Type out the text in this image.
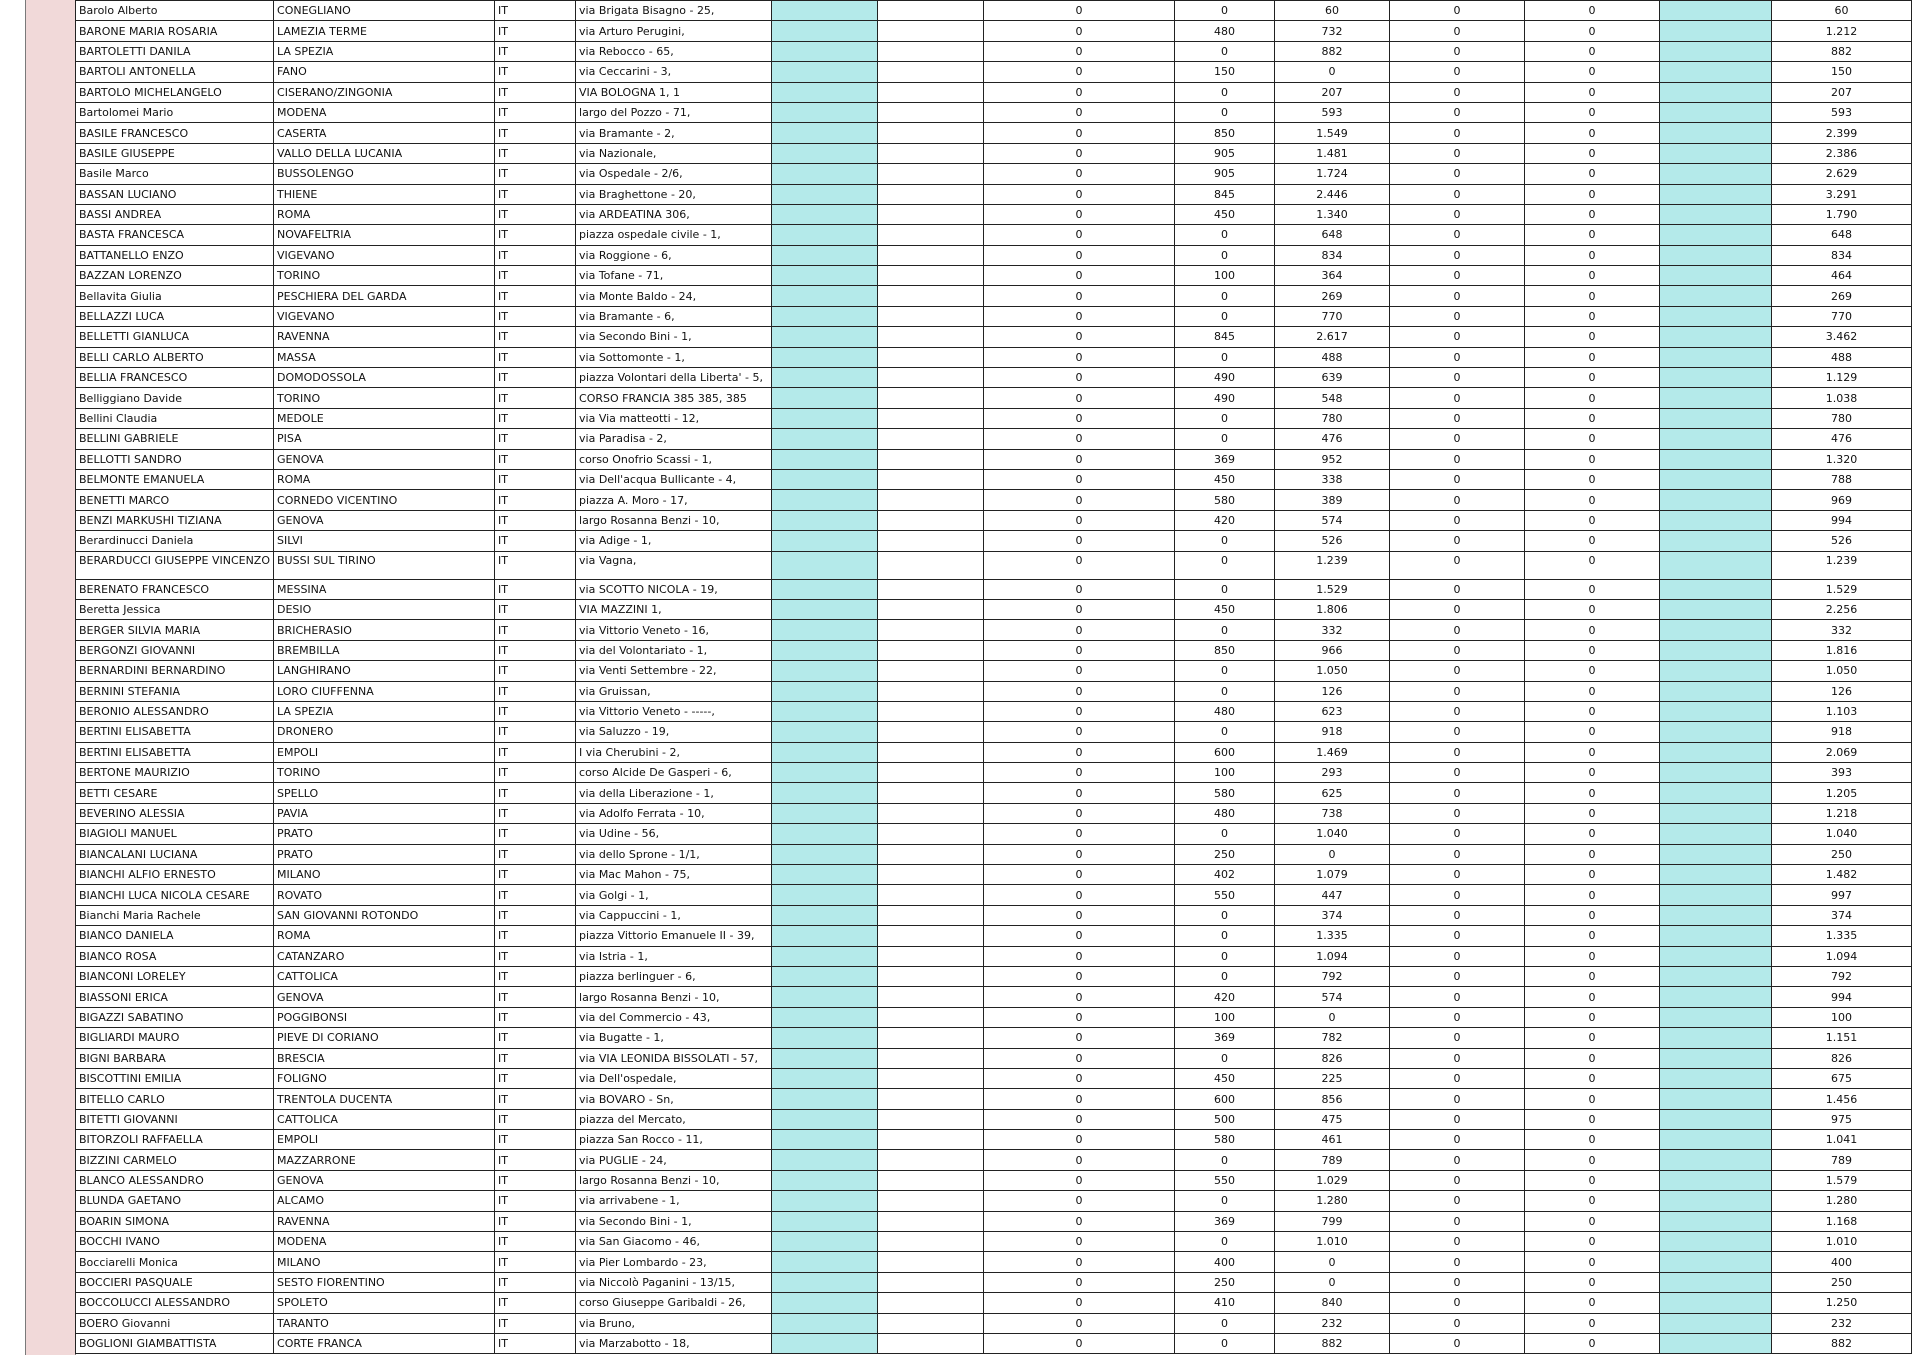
Barolo Alberto	CONEGLIANO	IT	via Brigata Bisagno - 25,			0	0	60	0	0		60
BARONE MARIA ROSARIA	LAMEZIA TERME	IT	via Arturo Perugini,			0	480	732	0	0		1.212
BARTOLETTI DANILA	LA SPEZIA	IT	via Rebocco - 65,			0	0	882	0	0		882
BARTOLI ANTONELLA	FANO	IT	via Ceccarini - 3,			0	150	0	0	0		150
BARTOLO MICHELANGELO	CISERANO/ZINGONIA	IT	VIA BOLOGNA 1, 1			0	0	207	0	0		207
Bartolomei Mario	MODENA	IT	largo del Pozzo - 71,			0	0	593	0	0		593
BASILE FRANCESCO	CASERTA	IT	via Bramante - 2,			0	850	1.549	0	0		2.399
BASILE GIUSEPPE	VALLO DELLA LUCANIA	IT	via Nazionale,			0	905	1.481	0	0		2.386
Basile Marco	BUSSOLENGO	IT	via Ospedale - 2/6,			0	905	1.724	0	0		2.629
BASSAN LUCIANO	THIENE	IT	via Braghettone - 20,			0	845	2.446	0	0		3.291
BASSI ANDREA	ROMA	IT	via ARDEATINA 306,			0	450	1.340	0	0		1.790
BASTA FRANCESCA	NOVAFELTRIA	IT	piazza ospedale civile - 1,			0	0	648	0	0		648
BATTANELLO ENZO	VIGEVANO	IT	via Roggione - 6,			0	0	834	0	0		834
BAZZAN LORENZO	TORINO	IT	via Tofane - 71,			0	100	364	0	0		464
Bellavita Giulia	PESCHIERA DEL GARDA	IT	via Monte Baldo - 24,			0	0	269	0	0		269
BELLAZZI LUCA	VIGEVANO	IT	via Bramante - 6,			0	0	770	0	0		770
BELLETTI GIANLUCA	RAVENNA	IT	via Secondo Bini - 1,			0	845	2.617	0	0		3.462
BELLI CARLO ALBERTO	MASSA	IT	via Sottomonte - 1,			0	0	488	0	0		488
BELLIA FRANCESCO	DOMODOSSOLA	IT	piazza Volontari della Liberta' - 5,			0	490	639	0	0		1.129
Belliggiano Davide	TORINO	IT	CORSO FRANCIA 385 385, 385			0	490	548	0	0		1.038
Bellini Claudia	MEDOLE	IT	via Via matteotti - 12,			0	0	780	0	0		780
BELLINI GABRIELE	PISA	IT	via Paradisa - 2,			0	0	476	0	0		476
BELLOTTI SANDRO	GENOVA	IT	corso Onofrio Scassi - 1,			0	369	952	0	0		1.320
BELMONTE EMANUELA	ROMA	IT	via Dell'acqua Bullicante - 4,			0	450	338	0	0		788
BENETTI MARCO	CORNEDO VICENTINO	IT	piazza A. Moro - 17,			0	580	389	0	0		969
BENZI MARKUSHI TIZIANA	GENOVA	IT	largo Rosanna Benzi - 10,			0	420	574	0	0		994
Berardinucci Daniela	SILVI	IT	via Adige - 1,			0	0	526	0	0		526
BERARDUCCI GIUSEPPE VINCENZO	BUSSI SUL TIRINO	IT	via Vagna,			0	0	1.239	0	0		1.239
BERENATO FRANCESCO	MESSINA	IT	via SCOTTO NICOLA - 19,			0	0	1.529	0	0		1.529
Beretta Jessica	DESIO	IT	VIA MAZZINI 1,			0	450	1.806	0	0		2.256
BERGER SILVIA MARIA	BRICHERASIO	IT	via Vittorio Veneto - 16,			0	0	332	0	0		332
BERGONZI GIOVANNI	BREMBILLA	IT	via del Volontariato - 1,			0	850	966	0	0		1.816
BERNARDINI BERNARDINO	LANGHIRANO	IT	via Venti Settembre - 22,			0	0	1.050	0	0		1.050
BERNINI STEFANIA	LORO CIUFFENNA	IT	via Gruissan,			0	0	126	0	0		126
BERONIO ALESSANDRO	LA SPEZIA	IT	via Vittorio Veneto - -----,			0	480	623	0	0		1.103
BERTINI ELISABETTA	DRONERO	IT	via Saluzzo - 19,			0	0	918	0	0		918
BERTINI ELISABETTA	EMPOLI	IT	I via Cherubini - 2,			0	600	1.469	0	0		2.069
BERTONE MAURIZIO	TORINO	IT	corso Alcide De Gasperi - 6,			0	100	293	0	0		393
BETTI CESARE	SPELLO	IT	via della Liberazione - 1,			0	580	625	0	0		1.205
BEVERINO ALESSIA	PAVIA	IT	via Adolfo Ferrata - 10,			0	480	738	0	0		1.218
BIAGIOLI MANUEL	PRATO	IT	via Udine - 56,			0	0	1.040	0	0		1.040
BIANCALANI LUCIANA	PRATO	IT	via dello Sprone - 1/1,			0	250	0	0	0		250
BIANCHI ALFIO ERNESTO	MILANO	IT	via Mac Mahon - 75,			0	402	1.079	0	0		1.482
BIANCHI LUCA NICOLA CESARE	ROVATO	IT	via Golgi - 1,			0	550	447	0	0		997
Bianchi Maria Rachele	SAN GIOVANNI ROTONDO	IT	via Cappuccini - 1,			0	0	374	0	0		374
BIANCO DANIELA	ROMA	IT	piazza Vittorio Emanuele II - 39,			0	0	1.335	0	0		1.335
BIANCO ROSA	CATANZARO	IT	via Istria - 1,			0	0	1.094	0	0		1.094
BIANCONI LORELEY	CATTOLICA	IT	piazza berlinguer - 6,			0	0	792	0	0		792
BIASSONI ERICA	GENOVA	IT	largo Rosanna Benzi - 10,			0	420	574	0	0		994
BIGAZZI SABATINO	POGGIBONSI	IT	via del Commercio - 43,			0	100	0	0	0		100
BIGLIARDI MAURO	PIEVE DI CORIANO	IT	via Bugatte - 1,			0	369	782	0	0		1.151
BIGNI BARBARA	BRESCIA	IT	via VIA LEONIDA BISSOLATI - 57,			0	0	826	0	0		826
BISCOTTINI EMILIA	FOLIGNO	IT	via Dell'ospedale,			0	450	225	0	0		675
BITELLO CARLO	TRENTOLA DUCENTA	IT	via BOVARO - Sn,			0	600	856	0	0		1.456
BITETTI GIOVANNI	CATTOLICA	IT	piazza del Mercato,			0	500	475	0	0		975
BITORZOLI RAFFAELLA	EMPOLI	IT	piazza San Rocco - 11,			0	580	461	0	0		1.041
BIZZINI CARMELO	MAZZARRONE	IT	via PUGLIE - 24,			0	0	789	0	0		789
BLANCO ALESSANDRO	GENOVA	IT	largo Rosanna Benzi - 10,			0	550	1.029	0	0		1.579
BLUNDA GAETANO	ALCAMO	IT	via arrivabene - 1,			0	0	1.280	0	0		1.280
BOARIN SIMONA	RAVENNA	IT	via Secondo Bini - 1,			0	369	799	0	0		1.168
BOCCHI IVANO	MODENA	IT	via San Giacomo - 46,			0	0	1.010	0	0		1.010
Bocciarelli Monica	MILANO	IT	via Pier Lombardo - 23,			0	400	0	0	0		400
BOCCIERI PASQUALE	SESTO FIORENTINO	IT	via Niccolò Paganini - 13/15,			0	250	0	0	0		250
BOCCOLUCCI ALESSANDRO	SPOLETO	IT	corso Giuseppe Garibaldi - 26,			0	410	840	0	0		1.250
BOERO Giovanni	TARANTO	IT	via Bruno,			0	0	232	0	0		232
BOGLIONI GIAMBATTISTA	CORTE FRANCA	IT	via Marzabotto - 18,			0	0	882	0	0		882
